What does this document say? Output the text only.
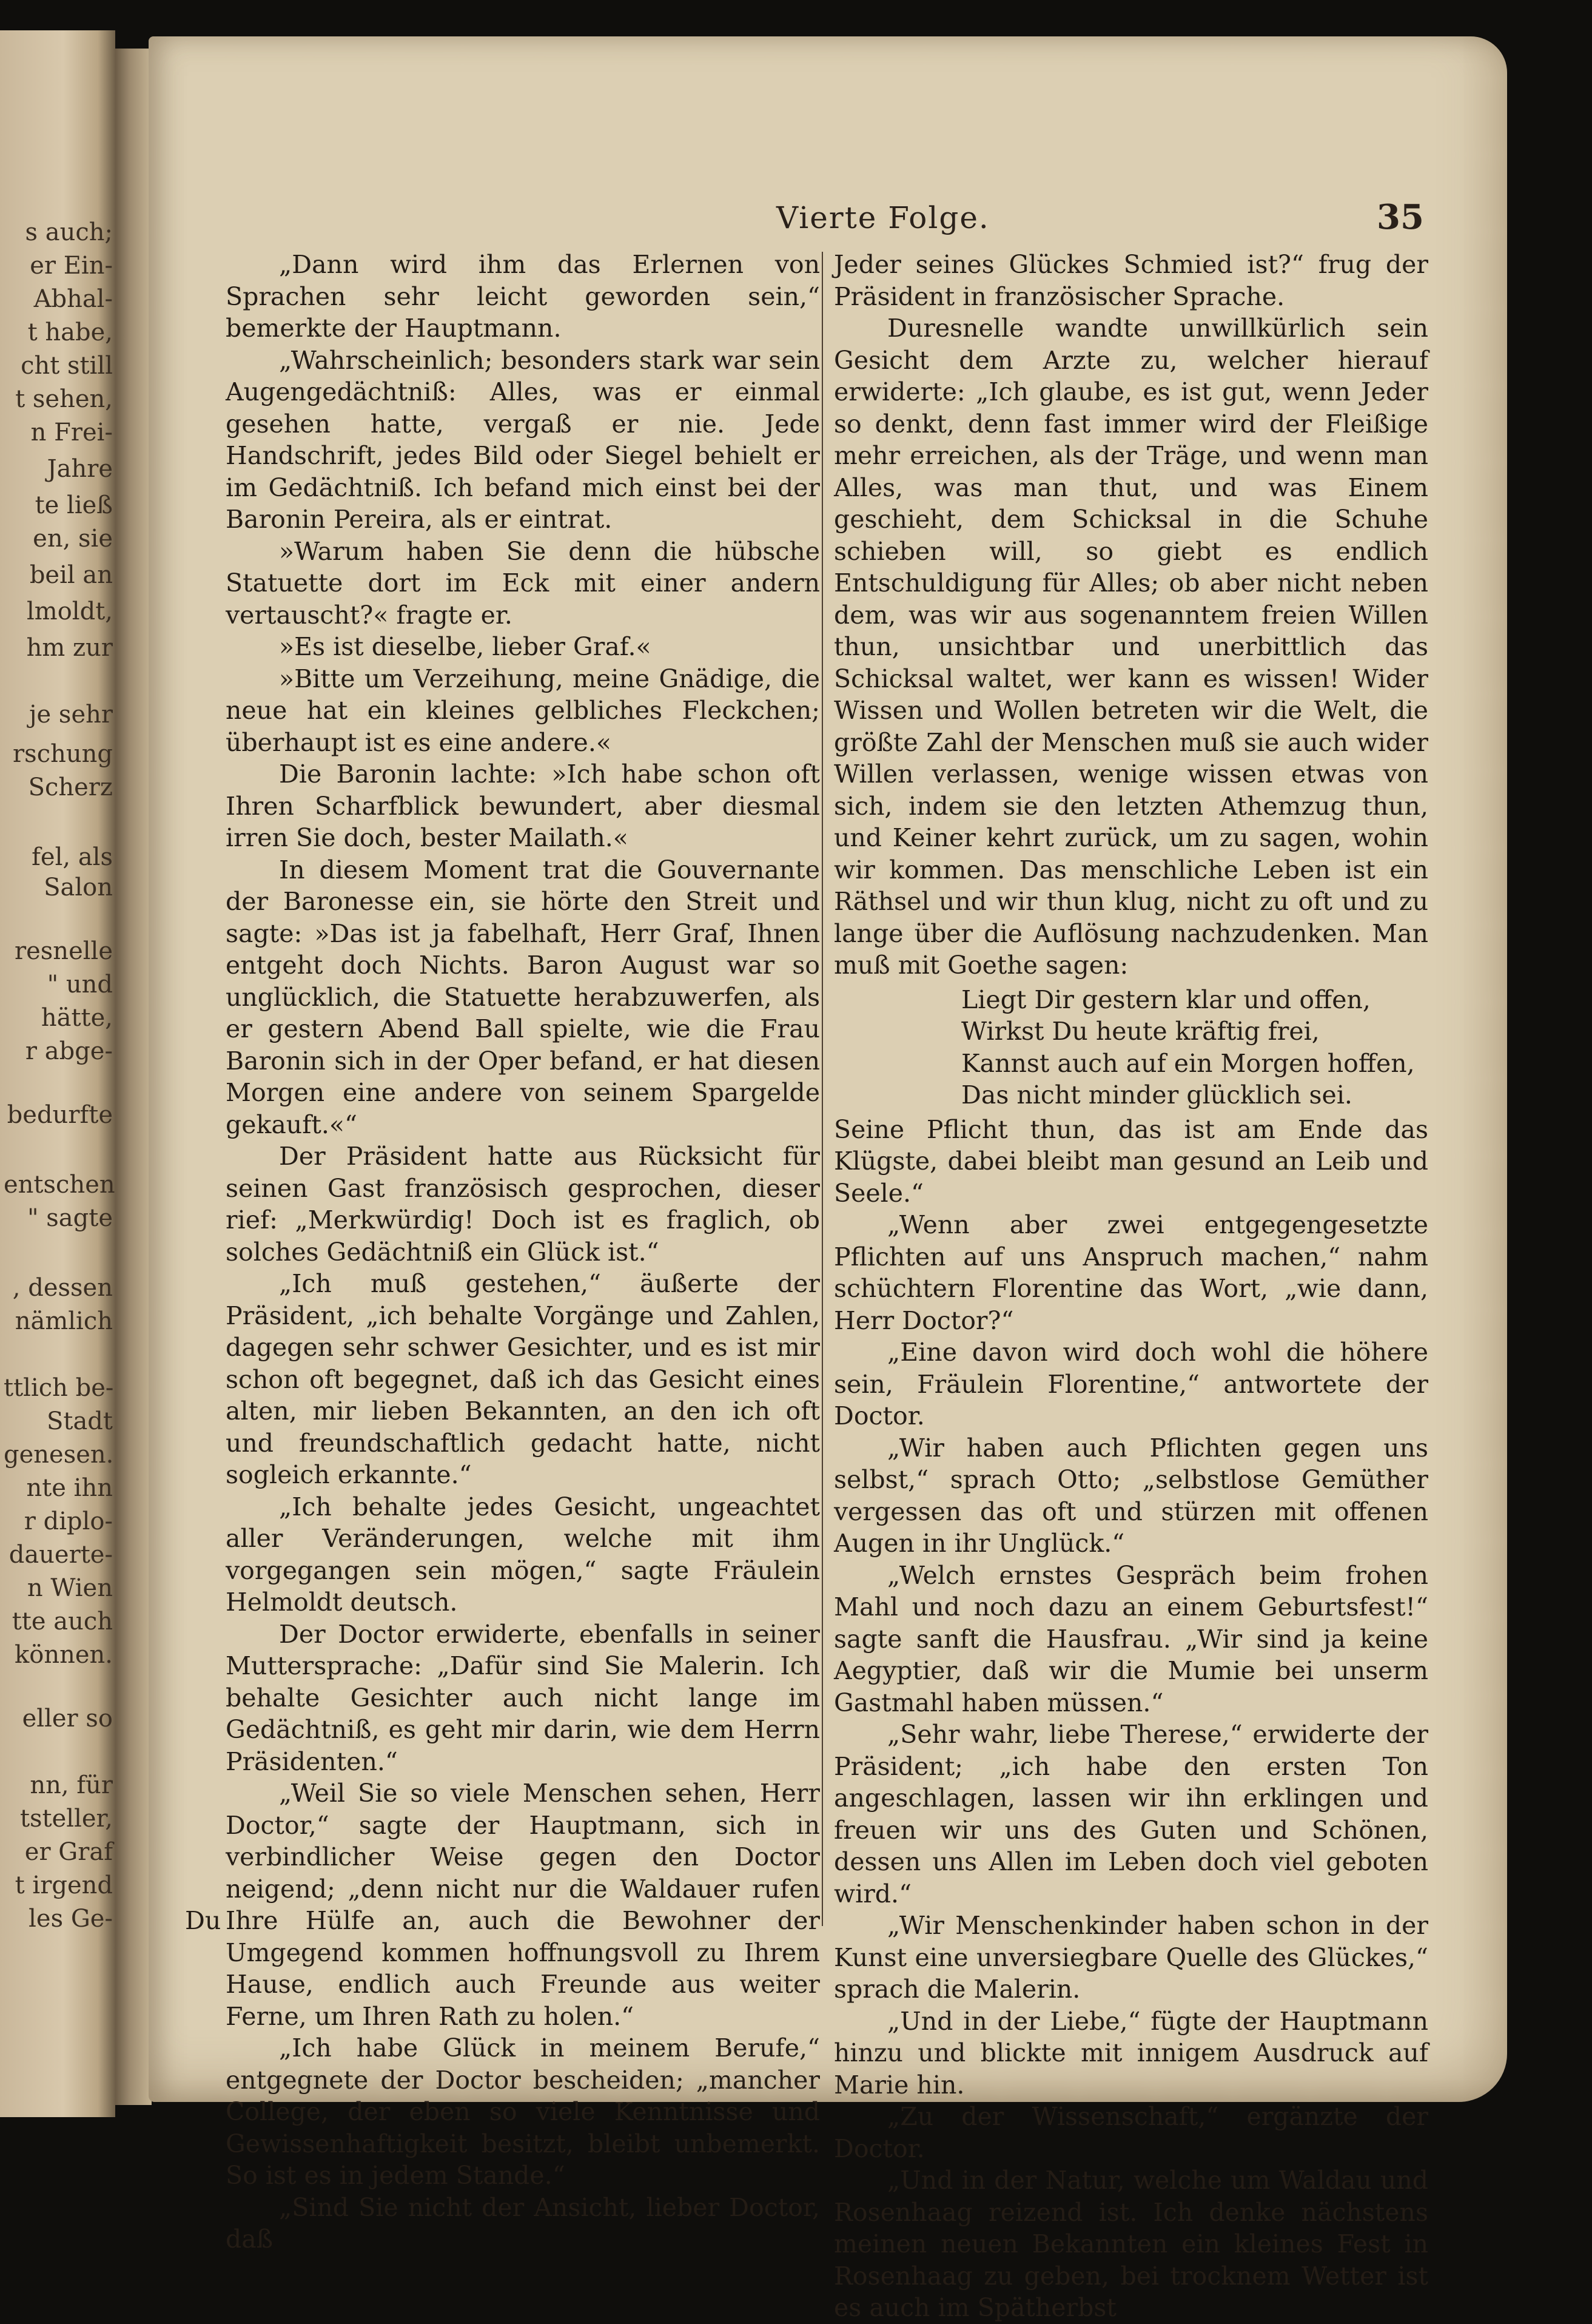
s auch;
er Ein-
Abhal-
t habe,
cht still
t sehen,
n Frei-
Jahre
te ließ
en, sie
beil an
lmoldt,
hm zur
je sehr
rschung
Scherz
fel, als
Salon
resnelle
" und
hätte,
r abge-
bedurfte
entschen
" sagte
, dessen
nämlich
ttlich be-
Stadt
genesen.
nte ihn
r diplo-
dauerte-
n Wien
tte auch
können.
eller so
nn, für
tsteller,
er Graf
t irgend
les Ge-
Vierte Folge.	35

„Dann wird ihm das Erlernen von Sprachen sehr leicht geworden sein,“ bemerkte der Hauptmann.

„Wahrscheinlich; besonders stark war sein Augengedächtniß: Alles, was er einmal gesehen hatte, vergaß er nie. Jede Handschrift, jedes Bild oder Siegel behielt er im Gedächtniß. Ich befand mich einst bei der Baronin Pereira, als er eintrat.

»Warum haben Sie denn die hübsche Statuette dort im Eck mit einer andern vertauscht?« fragte er.

»Es ist dieselbe, lieber Graf.«

»Bitte um Verzeihung, meine Gnädige, die neue hat ein kleines gelbliches Fleckchen; überhaupt ist es eine andere.«

Die Baronin lachte: »Ich habe schon oft Ihren Scharfblick bewundert, aber diesmal irren Sie doch, bester Mailath.«

In diesem Moment trat die Gouvernante der Baronesse ein, sie hörte den Streit und sagte: »Das ist ja fabelhaft, Herr Graf, Ihnen entgeht doch Nichts. Baron August war so unglücklich, die Statuette herabzuwerfen, als er gestern Abend Ball spielte, wie die Frau Baronin sich in der Oper befand, er hat diesen Morgen eine andere von seinem Spargelde gekauft.«“

Der Präsident hatte aus Rücksicht für seinen Gast französisch gesprochen, dieser rief: „Merkwürdig! Doch ist es fraglich, ob solches Gedächtniß ein Glück ist.“

„Ich muß gestehen,“ äußerte der Präsident, „ich behalte Vorgänge und Zahlen, dagegen sehr schwer Gesichter, und es ist mir schon oft begegnet, daß ich das Gesicht eines alten, mir lieben Bekannten, an den ich oft und freundschaftlich gedacht hatte, nicht sogleich erkannte.“

„Ich behalte jedes Gesicht, ungeachtet aller Veränderungen, welche mit ihm vorgegangen sein mögen,“ sagte Fräulein Helmoldt deutsch.

Der Doctor erwiderte, ebenfalls in seiner Muttersprache: „Dafür sind Sie Malerin. Ich behalte Gesichter auch nicht lange im Gedächtniß, es geht mir darin, wie dem Herrn Präsidenten.“

„Weil Sie so viele Menschen sehen, Herr Doctor,“ sagte der Hauptmann, sich in verbindlicher Weise gegen den Doctor neigend; „denn nicht nur die Waldauer rufen Ihre Hülfe an, auch die Bewohner der Umgegend kommen hoffnungsvoll zu Ihrem Hause, endlich auch Freunde aus weiter Ferne, um Ihren Rath zu holen.“

„Ich habe Glück in meinem Berufe,“ entgegnete der Doctor bescheiden; „mancher College, der eben so viele Kenntnisse und Gewissenhaftigkeit besitzt, bleibt unbemerkt. So ist es in jedem Stande.“

„Sind Sie nicht der Ansicht, lieber Doctor, daß

Jeder seines Glückes Schmied ist?“ frug der Präsident in französischer Sprache.

Duresnelle wandte unwillkürlich sein Gesicht dem Arzte zu, welcher hierauf erwiderte: „Ich glaube, es ist gut, wenn Jeder so denkt, denn fast immer wird der Fleißige mehr erreichen, als der Träge, und wenn man Alles, was man thut, und was Einem geschieht, dem Schicksal in die Schuhe schieben will, so giebt es endlich Entschuldigung für Alles; ob aber nicht neben dem, was wir aus sogenanntem freien Willen thun, unsichtbar und unerbittlich das Schicksal waltet, wer kann es wissen! Wider Wissen und Wollen betreten wir die Welt, die größte Zahl der Menschen muß sie auch wider Willen verlassen, wenige wissen etwas von sich, indem sie den letzten Athemzug thun, und Keiner kehrt zurück, um zu sagen, wohin wir kommen. Das menschliche Leben ist ein Räthsel und wir thun klug, nicht zu oft und zu lange über die Auflösung nachzudenken. Man muß mit Goethe sagen:

Liegt Dir gestern klar und offen,
Wirkst Du heute kräftig frei,
Kannst auch auf ein Morgen hoffen,
Das nicht minder glücklich sei.

Seine Pflicht thun, das ist am Ende das Klügste, dabei bleibt man gesund an Leib und Seele.“

„Wenn aber zwei entgegengesetzte Pflichten auf uns Anspruch machen,“ nahm schüchtern Florentine das Wort, „wie dann, Herr Doctor?“

„Eine davon wird doch wohl die höhere sein, Fräulein Florentine,“ antwortete der Doctor.

„Wir haben auch Pflichten gegen uns selbst,“ sprach Otto; „selbstlose Gemüther vergessen das oft und stürzen mit offenen Augen in ihr Unglück.“

„Welch ernstes Gespräch beim frohen Mahl und noch dazu an einem Geburtsfest!“ sagte sanft die Hausfrau. „Wir sind ja keine Aegyptier, daß wir die Mumie bei unserm Gastmahl haben müssen.“

„Sehr wahr, liebe Therese,“ erwiderte der Präsident; „ich habe den ersten Ton angeschlagen, lassen wir ihn erklingen und freuen wir uns des Guten und Schönen, dessen uns Allen im Leben doch viel geboten wird.“

„Wir Menschenkinder haben schon in der Kunst eine unversiegbare Quelle des Glückes,“ sprach die Malerin.

„Und in der Liebe,“ fügte der Hauptmann hinzu und blickte mit innigem Ausdruck auf Marie hin.

„Zu der Wissenschaft,“ ergänzte der Doctor.

„Und in der Natur, welche um Waldau und Rosenhaag reizend ist. Ich denke nächstens meinen neuen Bekannten ein kleines Fest in Rosenhaag zu geben, bei trocknem Wetter ist es auch im Spätherbst

Du
